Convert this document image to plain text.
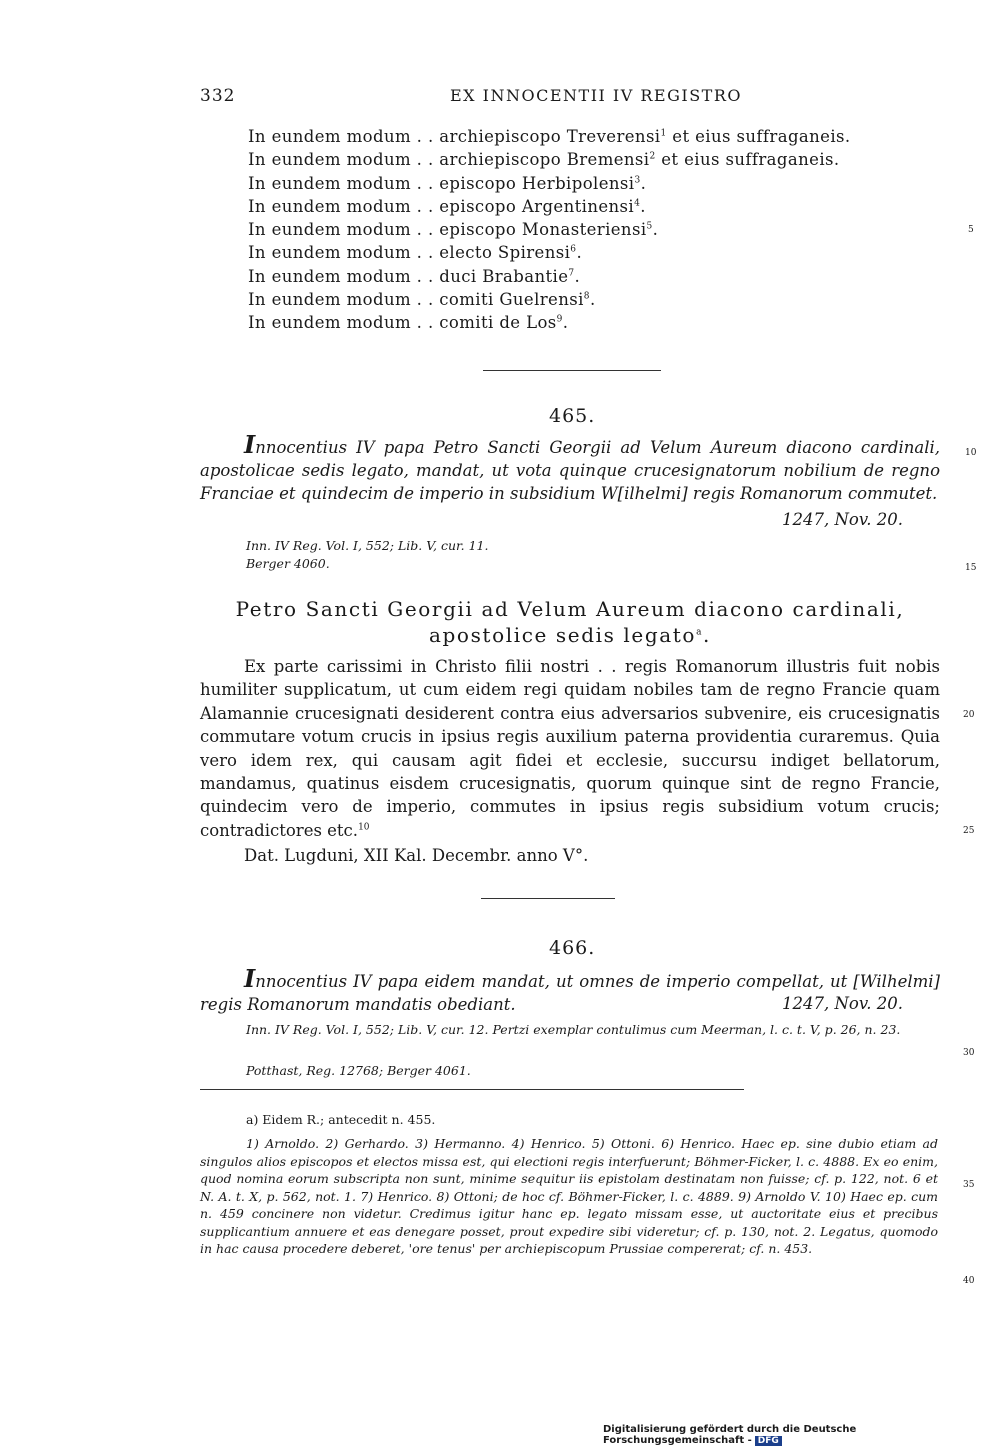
332	EX INNOCENTII IV REGISTRO
In eundem modum . . archiepiscopo Treverensi$^1$ et eius suffraganeis.
In eundem modum . . archiepiscopo Bremensi$^2$ et eius suffraganeis.
In eundem modum . . episcopo Herbipolensi$^3$.
In eundem modum . . episcopo Argentinensi$^4$.
In eundem modum . . episcopo Monasteriensi$^5$.
In eundem modum . . electo Spirensi$^6$.
In eundem modum . . duci Brabantie$^7$.
In eundem modum . . comiti Guelrensi$^8$.
In eundem modum . . comiti de Los$^9$.
5
10
15
20
25
30
35
40
465.
Innocentius IV papa Petro Sancti Georgii ad Velum Aureum diacono cardinali, apostolicae sedis legato, mandat, ut vota quinque crucesignatorum nobilium de regno Franciae et quindecim de imperio in subsidium W[ilhelmi] regis Romanorum commutet.
1247, Nov. 20.
Inn. IV Reg. Vol. I, 552; Lib. V, cur. 11.
Berger 4060.
Petro Sancti Georgii ad Velum Aureum diacono cardinali, apostolice sedis legato$^a$.

Ex parte carissimi in Christo filii nostri . . regis Romanorum illustris fuit nobis humiliter supplicatum, ut cum eidem regi quidam nobiles tam de regno Francie quam Alamannie crucesignati desiderent contra eius adversarios subvenire, eis crucesignatis commutare votum crucis in ipsius regis auxilium paterna providentia curaremus. Quia vero idem rex, qui causam agit fidei et ecclesie, succursu indiget bellatorum, mandamus, quatinus eisdem crucesignatis, quorum quinque sint de regno Francie, quindecim vero de imperio, commutes in ipsius regis subsidium votum crucis; contradictores etc.$^{10}$

Dat. Lugduni, XII Kal. Decembr. anno V°.

466.
Innocentius IV papa eidem mandat, ut omnes de imperio compellat, ut [Wilhelmi] regis Romanorum mandatis obediant.	1247, Nov. 20.
Inn. IV Reg. Vol. I, 552; Lib. V, cur. 12. Pertzi exemplar contulimus cum Meerman, l. c. t. V, p. 26, n. 23.
Potthast, Reg. 12768; Berger 4061.
a) Eidem R.; antecedit n. 455.
1) Arnoldo. 2) Gerhardo. 3) Hermanno. 4) Henrico. 5) Ottoni. 6) Henrico. Haec ep. sine dubio etiam ad singulos alios episcopos et electos missa est, qui electioni regis interfuerunt; Böhmer-Ficker, l. c. 4888. Ex eo enim, quod nomina eorum subscripta non sunt, minime sequitur iis epistolam destinatam non fuisse; cf. p. 122, not. 6 et N. A. t. X, p. 562, not. 1. 7) Henrico. 8) Ottoni; de hoc cf. Böhmer-Ficker, l. c. 4889. 9) Arnoldo V. 10) Haec ep. cum n. 459 concinere non videtur. Credimus igitur hanc ep. legato missam esse, ut auctoritate eius et precibus supplicantium annuere et eas denegare posset, prout expedire sibi videretur; cf. p. 130, not. 2. Legatus, quomodo in hac causa procedere deberet, 'ore tenus' per archiepiscopum Prussiae compererat; cf. n. 453.
Digitalisierung gefördert durch die Deutsche Forschungsgemeinschaft - DFG
